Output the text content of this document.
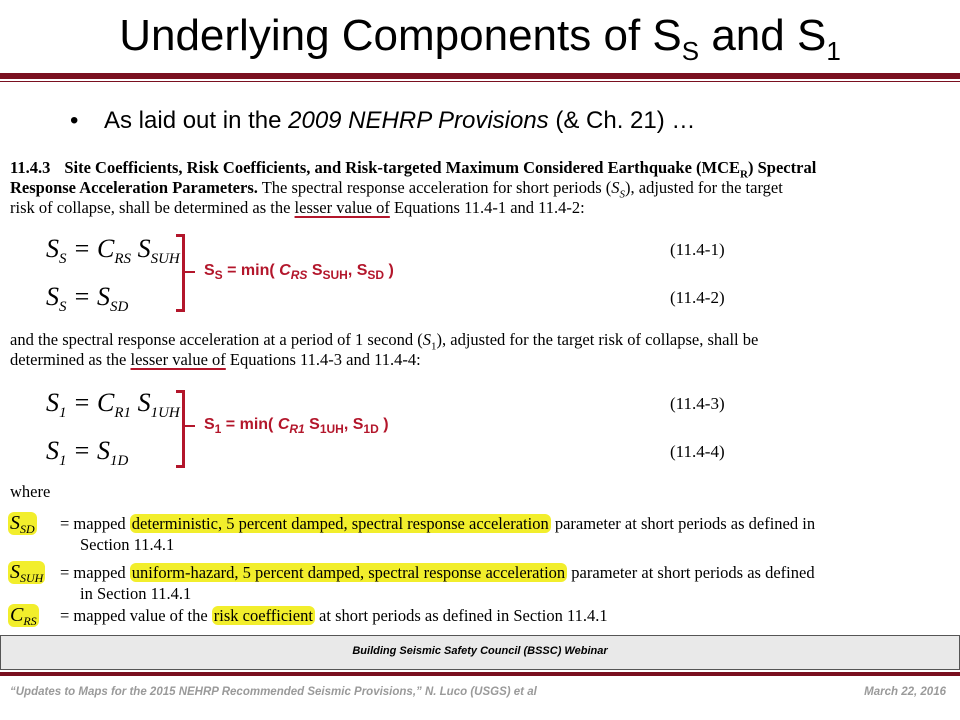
Underlying Components of $S_S$ and $S_1$
• As laid out in the 2009 NEHRP Provisions (& Ch. 21) …
11.4.3 Site Coefficients, Risk Coefficients, and Risk-targeted Maximum Considered Earthquake $(MCE_R)$ Spectral
Response Acceleration Parameters. The spectral response acceleration for short periods $(S_S)$, adjusted for the target
risk of collapse, shall be determined as the lesser value of Equations 11.4-1 and 11.4-2:
$S_S = C_{RS}$ $S_{SUH}$	(11.4-1)
$S_S = S_{SD}$	(11.4-2)
$S_S = \min$( $C_{RS}$ $S_{SUH}$, $S_{SD}$ )
and the spectral response acceleration at a period of 1 second $(S_1)$, adjusted for the target risk of collapse, shall be
determined as the lesser value of Equations 11.4-3 and 11.4-4:
$S_1 = C_{R1}$ $S_{1UH}$	(11.4-3)
$S_1 = S_{1D}$	(11.4-4)
$S_1 = \min$( $C_{R1}$ $S_{1UH}$, $S_{1D}$ )
where
$S_{SD}$ = mapped deterministic, 5 percent damped, spectral response acceleration parameter at short periods as defined in
Section 11.4.1
$S_{SUH}$ = mapped uniform-hazard, 5 percent damped, spectral response acceleration parameter at short periods as defined
in Section 11.4.1
$C_{RS}$ = mapped value of the risk coefficient at short periods as defined in Section 11.4.1
Building Seismic Safety Council (BSSC) Webinar
“Updates to Maps for the 2015 NEHRP Recommended Seismic Provisions,” N. Luco (USGS) et al	March 22, 2016
